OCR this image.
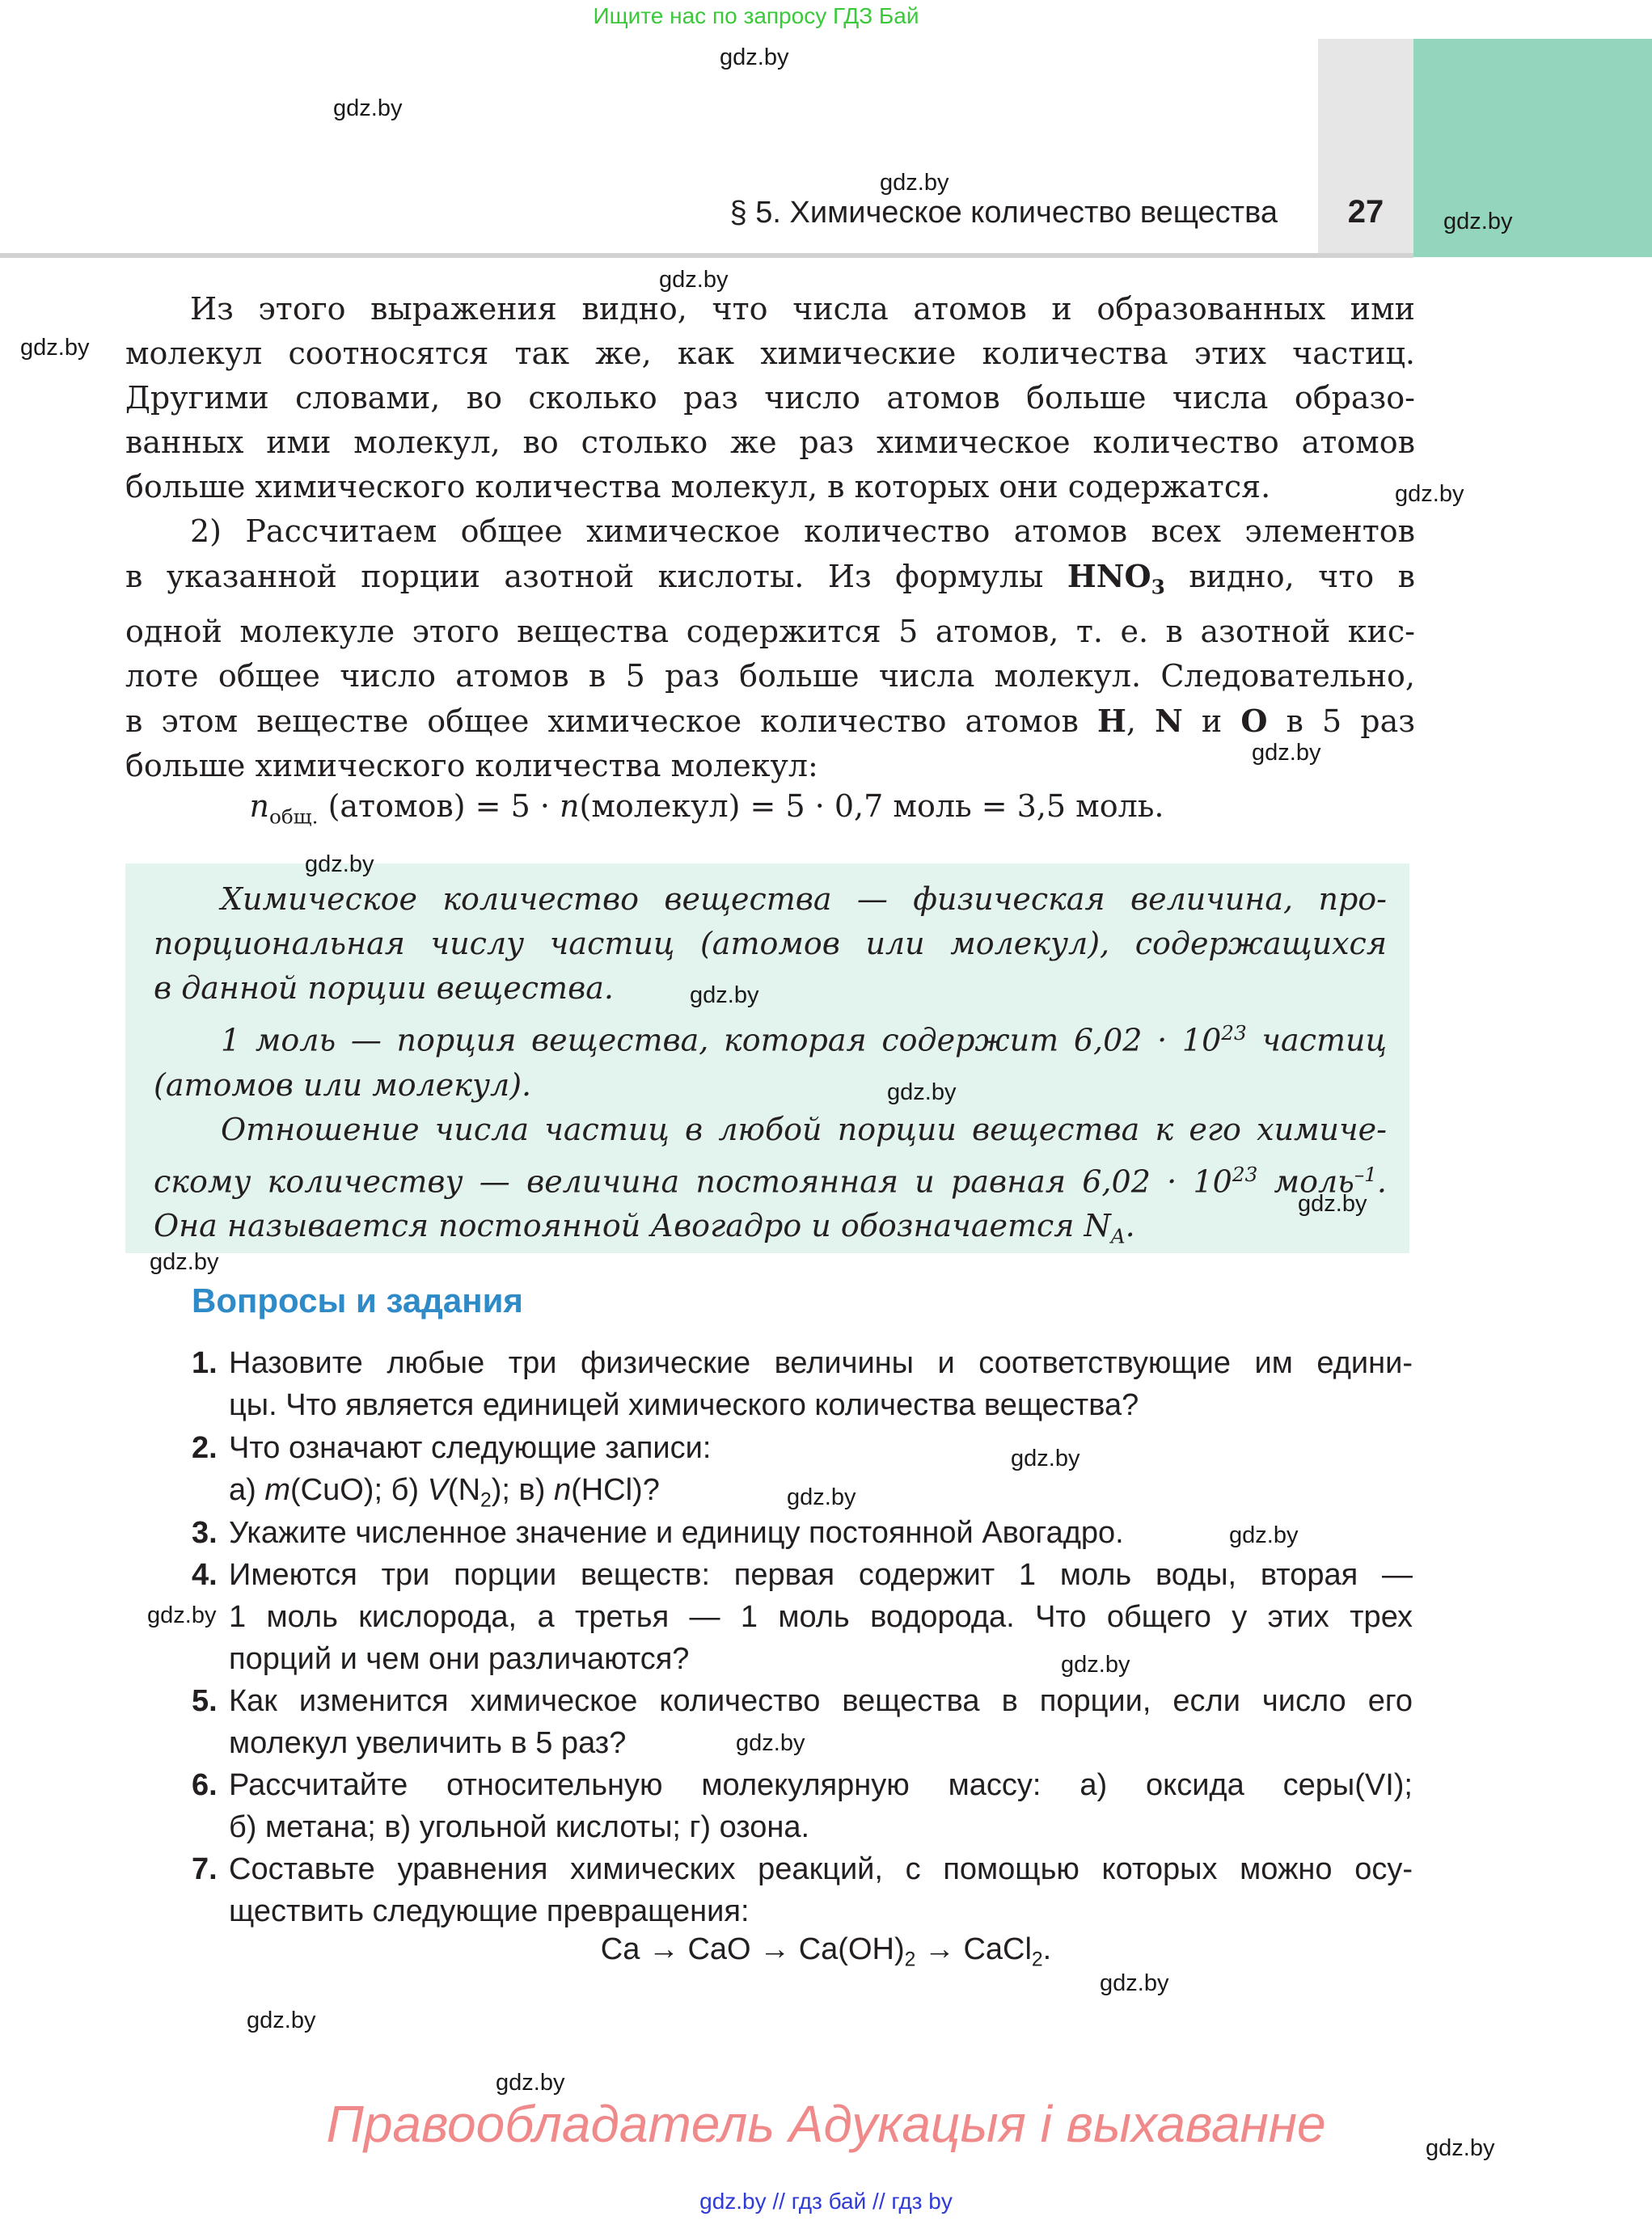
Ищите нас по запросу ГДЗ Бай
§ 5. Химическое количество вещества	27
Из этого выражения видно, что числа атомов и образованных ими
молекул соотносятся так же, как химические количества этих частиц.
Другими словами, во сколько раз число атомов больше числа образо-
ванных ими молекул, во столько же раз химическое количество атомов
больше химического количества молекул, в которых они содержатся.
2) Рассчитаем общее химическое количество атомов всех элементов
в указанной порции азотной кислоты. Из формулы $HNO_3$ видно, что в
одной молекуле этого вещества содержится 5 атомов, т. е. в азотной кис-
лоте общее число атомов в 5 раз больше числа молекул. Следовательно,
в этом веществе общее химическое количество атомов H, N и O в 5 раз
больше химического количества молекул:
$n_{общ.}$ (атомов) = 5 · n(молекул) = 5 · 0,7 моль = 3,5 моль.
Химическое количество вещества — физическая величина, про-
порциональная числу частиц (атомов или молекул), содержащихся
в данной порции вещества.
1 моль — порция вещества, которая содержит $6,02 \cdot 10^{23}$ частиц
(атомов или молекул).
Отношение числа частиц в любой порции вещества к его химиче-
скому количеству — величина постоянная и равная $6,02 \cdot 10^{23}$ моль$^{-1}$.
Она называется постоянной Авогадро и обозначается $N_A$.
Вопросы и задания
1. Назовите любые три физические величины и соответствующие им едини-
цы. Что является единицей химического количества вещества?
2. Что означают следующие записи:
а) m(CuO); б) $V(N_2)$; в) n(HCl)?
3. Укажите численное значение и единицу постоянной Авогадро.
4. Имеются три порции веществ: первая содержит 1 моль воды, вторая —
1 моль кислорода, а третья — 1 моль водорода. Что общего у этих трех
порций и чем они различаются?
5. Как изменится химическое количество вещества в порции, если число его
молекул увеличить в 5 раз?
6. Рассчитайте относительную молекулярную массу: а) оксида серы(VI);
б) метана; в) угольной кислоты; г) озона.
7. Составьте уравнения химических реакций, с помощью которых можно осу-
ществить следующие превращения:
Ca → CaO → $Ca(OH)_2$ → CaCl$_2$.
Правообладатель Адукацыя і выхаванне
gdz.by // гдз бай // гдз by
gdz.by
gdz.by
gdz.by
gdz.by
gdz.by
gdz.by
gdz.by
gdz.by
gdz.by
gdz.by
gdz.by
gdz.by
gdz.by
gdz.by
gdz.by
gdz.by
gdz.by
gdz.by
gdz.by
gdz.by
gdz.by
gdz.by
gdz.by
